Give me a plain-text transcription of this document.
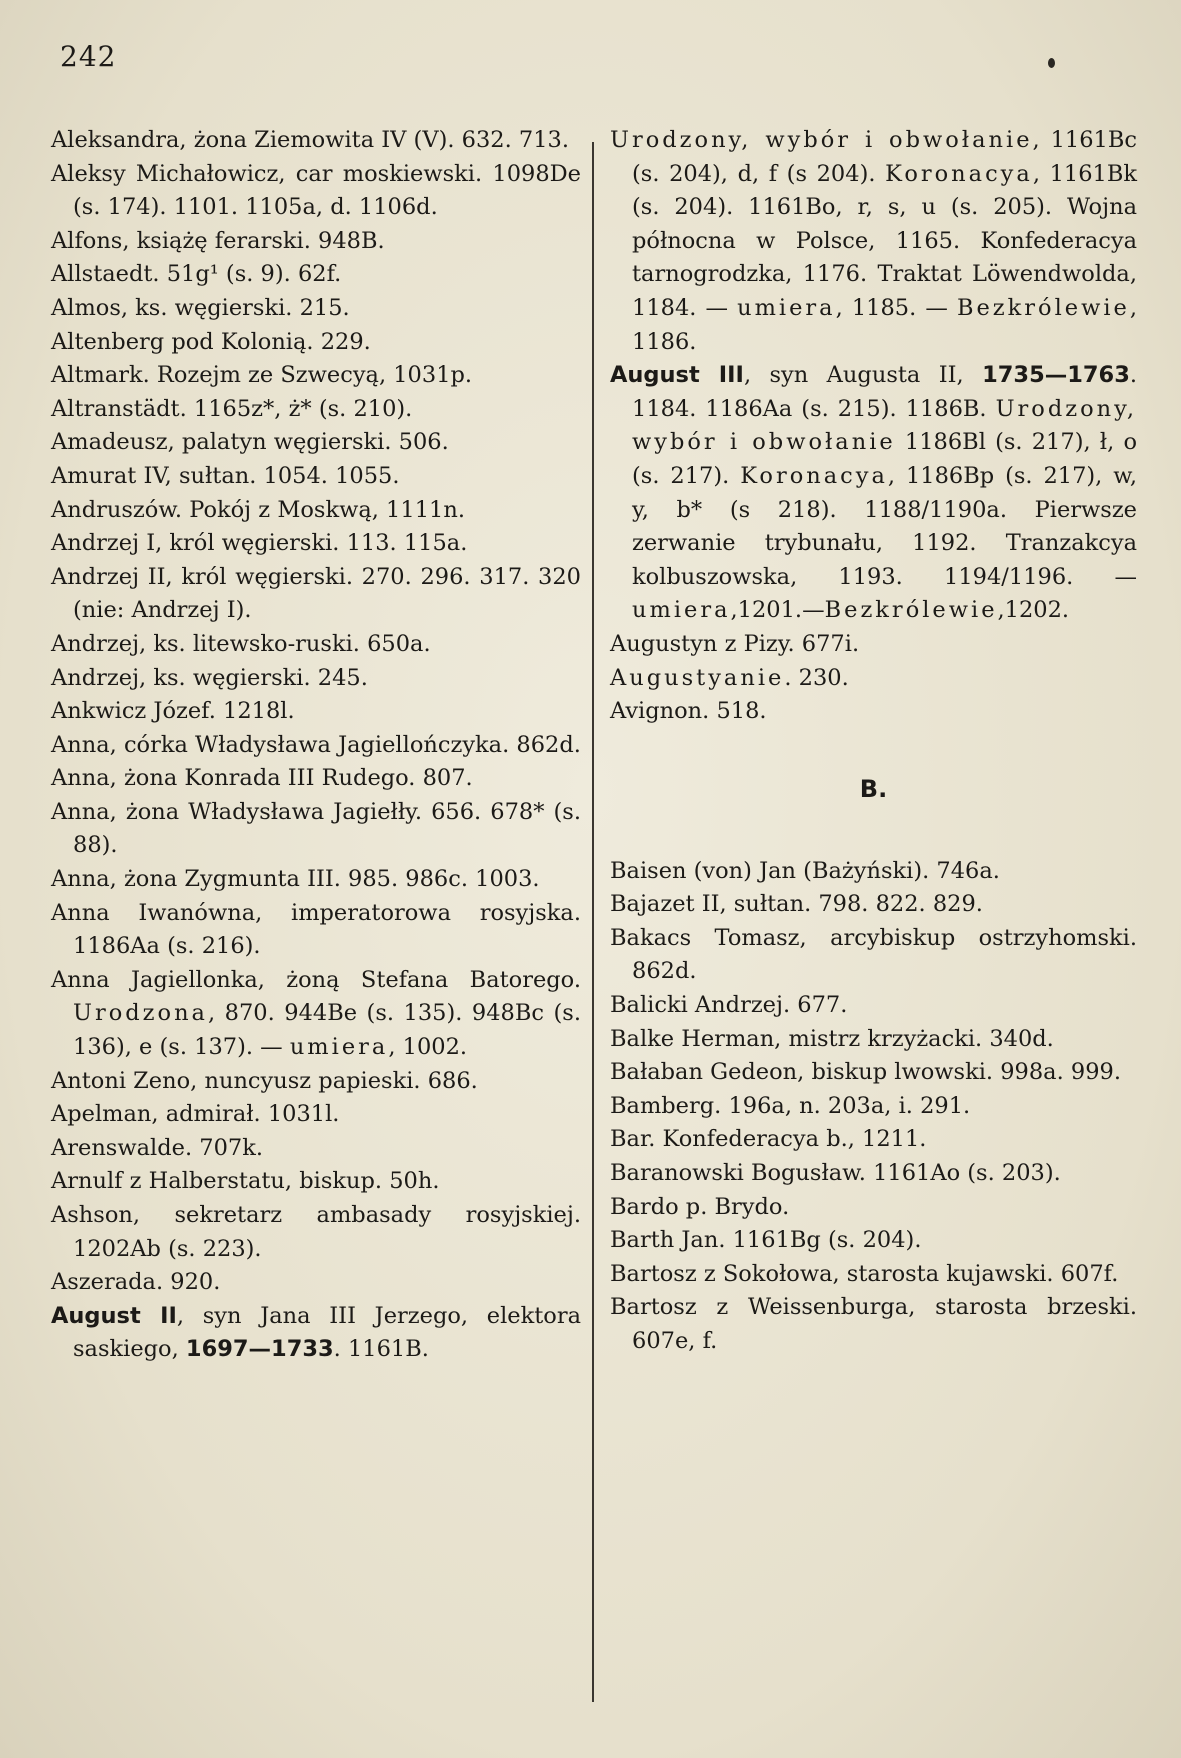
242
Aleksandra, żona Ziemowita IV (V). 632. 713.
Aleksy Michałowicz, car moskiewski. 1098De (s. 174). 1101. 1105a, d. 1106d.
Alfons, książę ferarski. 948B.
Allstaedt. 51g¹ (s. 9). 62f.
Almos, ks. węgierski. 215.
Altenberg pod Kolonią. 229.
Altmark. Rozejm ze Szwecyą, 1031p.
Altranstädt. 1165z*, ż* (s. 210).
Amadeusz, palatyn węgierski. 506.
Amurat IV, sułtan. 1054. 1055.
Andruszów. Pokój z Moskwą, 1111n.
Andrzej I, król węgierski. 113. 115a.
Andrzej II, król węgierski. 270. 296. 317. 320 (nie: Andrzej I).
Andrzej, ks. litewsko-ruski. 650a.
Andrzej, ks. węgierski. 245.
Ankwicz Józef. 1218l.
Anna, córka Władysława Jagiellończyka. 862d.
Anna, żona Konrada III Rudego. 807.
Anna, żona Władysława Jagiełły. 656. 678* (s. 88).
Anna, żona Zygmunta III. 985. 986c. 1003.
Anna Iwanówna, imperatorowa rosyjska. 1186Aa (s. 216).
Anna Jagiellonka, żoną Stefana Batorego. Urodzona, 870. 944Be (s. 135). 948Bc (s. 136), e (s. 137). — umiera, 1002.
Antoni Zeno, nuncyusz papieski. 686.
Apelman, admirał. 1031l.
Arenswalde. 707k.
Arnulf z Halberstatu, biskup. 50h.
Ashson, sekretarz ambasady rosyjskiej. 1202Ab (s. 223).
Aszerada. 920.
August II, syn Jana III Jerzego, elektora saskiego, 1697—1733. 1161B.
Urodzony, wybór i obwołanie, 1161Bc (s. 204), d, f (s 204). Koronacya, 1161Bk (s. 204). 1161Bo, r, s, u (s. 205). Wojna północna w Polsce, 1165. Konfederacya tarnogrodzka, 1176. Traktat Löwendwolda, 1184. — umiera, 1185. — Bezkrólewie, 1186.
August III, syn Augusta II, 1735—1763. 1184. 1186Aa (s. 215). 1186B. Urodzony, wybór i obwołanie 1186Bl (s. 217), ł, o (s. 217). Koronacya, 1186Bp (s. 217), w, y, b* (s 218). 1188/1190a. Pierwsze zerwanie trybunału, 1192. Tranzakcya kolbuszowska, 1193. 1194/1196. — umiera,1201.—Bezkrólewie,1202.
Augustyn z Pizy. 677i.
Augustyanie. 230.
Avignon. 518.
B.
Baisen (von) Jan (Bażyński). 746a.
Bajazet II, sułtan. 798. 822. 829.
Bakacs Tomasz, arcybiskup ostrzyhomski. 862d.
Balicki Andrzej. 677.
Balke Herman, mistrz krzyżacki. 340d.
Bałaban Gedeon, biskup lwowski. 998a. 999.
Bamberg. 196a, n. 203a, i. 291.
Bar. Konfederacya b., 1211.
Baranowski Bogusław. 1161Ao (s. 203).
Bardo p. Brydo.
Barth Jan. 1161Bg (s. 204).
Bartosz z Sokołowa, starosta kujawski. 607f.
Bartosz z Weissenburga, starosta brzeski. 607e, f.
